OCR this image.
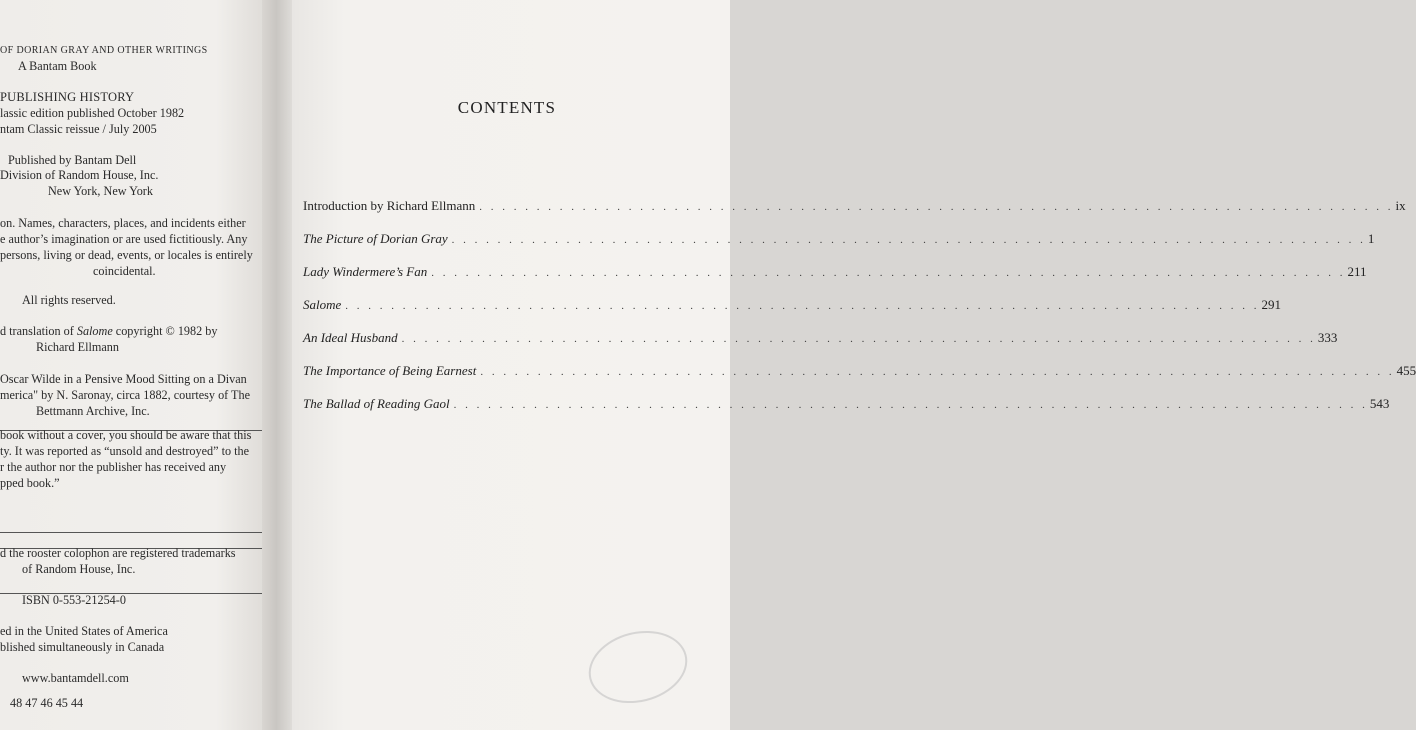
OF DORIAN GRAY AND OTHER WRITINGS
A Bantam Book
PUBLISHING HISTORY
lassic edition published October 1982
ntam Classic reissue / July 2005
Published by Bantam Dell
Division of Random House, Inc.
New York, New York
on. Names, characters, places, and incidents either
e author’s imagination or are used fictitiously. Any
persons, living or dead, events, or locales is entirely
coincidental.
All rights reserved.
d translation of Salome copyright © 1982 by
Richard Ellmann
Oscar Wilde in a Pensive Mood Sitting on a Divan
merica" by N. Saronay, circa 1882, courtesy of The
Bettmann Archive, Inc.
book without a cover, you should be aware that this
ty. It was reported as “unsold and destroyed” to the
r the author nor the publisher has received any
pped book.”
d the rooster colophon are registered trademarks
of Random House, Inc.
ISBN 0-553-21254-0
ed in the United States of America
blished simultaneously in Canada
www.bantamdell.com
48 47 46 45 44
CONTENTS
Introduction by Richard Ellmann . . . . . . . . . . . . . . . . . . . . . . . . . . . . . . . . . . . . . . . . . . . . . . . . . . . . . . . . . . . . . . . . . . . . . . . . . . . . . . . . ix
The Picture of Dorian Gray . . . . . . . . . . . . . . . . . . . . . . . . . . . . . . . . . . . . . . . . . . . . . . . . . . . . . . . . . . . . . . . . . . . . . . . . . . . . . . . . 1
Lady Windermere’s Fan . . . . . . . . . . . . . . . . . . . . . . . . . . . . . . . . . . . . . . . . . . . . . . . . . . . . . . . . . . . . . . . . . . . . . . . . . . . . . . . . 211
Salome . . . . . . . . . . . . . . . . . . . . . . . . . . . . . . . . . . . . . . . . . . . . . . . . . . . . . . . . . . . . . . . . . . . . . . . . . . . . . . . . 291
An Ideal Husband . . . . . . . . . . . . . . . . . . . . . . . . . . . . . . . . . . . . . . . . . . . . . . . . . . . . . . . . . . . . . . . . . . . . . . . . . . . . . . . . 333
The Importance of Being Earnest . . . . . . . . . . . . . . . . . . . . . . . . . . . . . . . . . . . . . . . . . . . . . . . . . . . . . . . . . . . . . . . . . . . . . . . . . . . . . . . . 455
The Ballad of Reading Gaol . . . . . . . . . . . . . . . . . . . . . . . . . . . . . . . . . . . . . . . . . . . . . . . . . . . . . . . . . . . . . . . . . . . . . . . . . . . . . . . . 543
